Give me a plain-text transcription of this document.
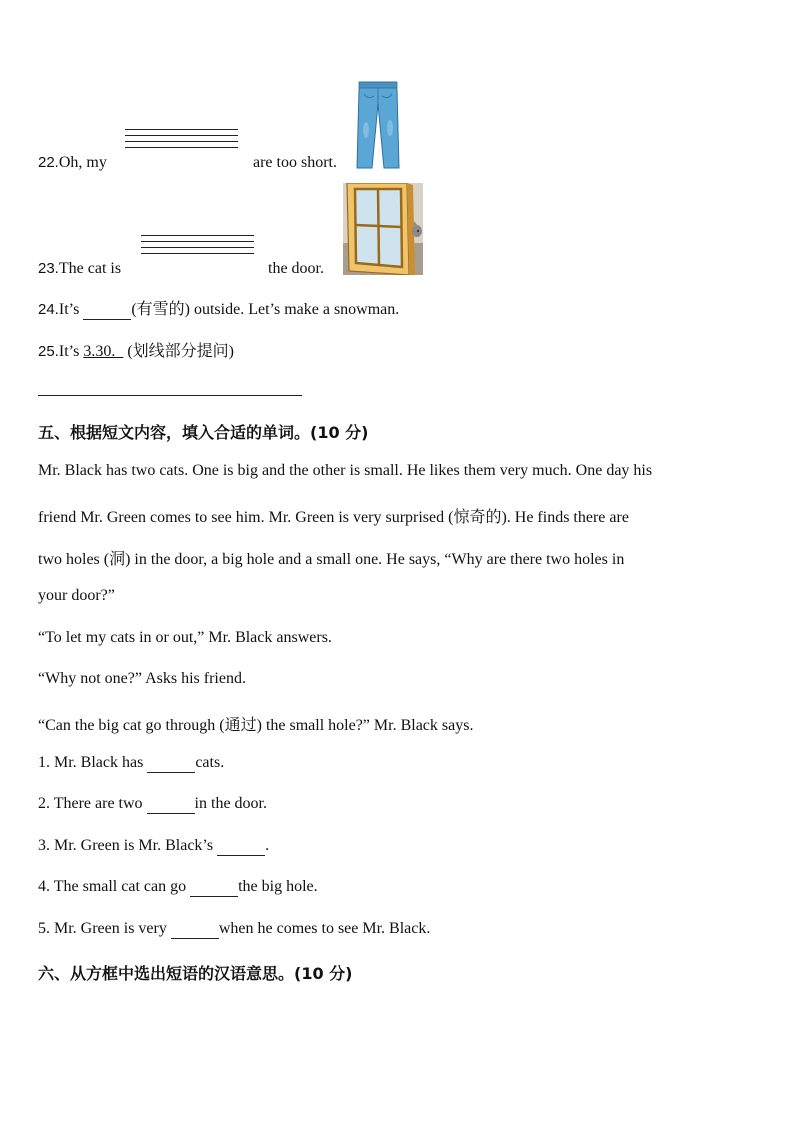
22.Oh, my	are too short.
23.The cat is	the door.
24.It’s	(有雪的) outside. Let’s make a snowman.
25.It’s 3.30. (划线部分提问)
五、根据短文内容，填入合适的单词。(10 分)
Mr. Black has two cats. One is big and the other is small. He likes them very much. One day his
friend Mr. Green comes to see him. Mr. Green is very surprised (惊奇的). He finds there are
two holes (洞) in the door, a big hole and a small one. He says, “Why are there two holes in
your door?”
“To let my cats in or out,” Mr. Black answers.
“Why not one?” Asks his friend.
“Can the big cat go through (通过) the small hole?” Mr. Black says.
1. Mr. Black has	cats.
2. There are two	in the door.
3. Mr. Green is Mr. Black’s	.
4. The small cat can go	the big hole.
5. Mr. Green is very	when he comes to see Mr. Black.
六、从方框中选出短语的汉语意思。(10 分)
